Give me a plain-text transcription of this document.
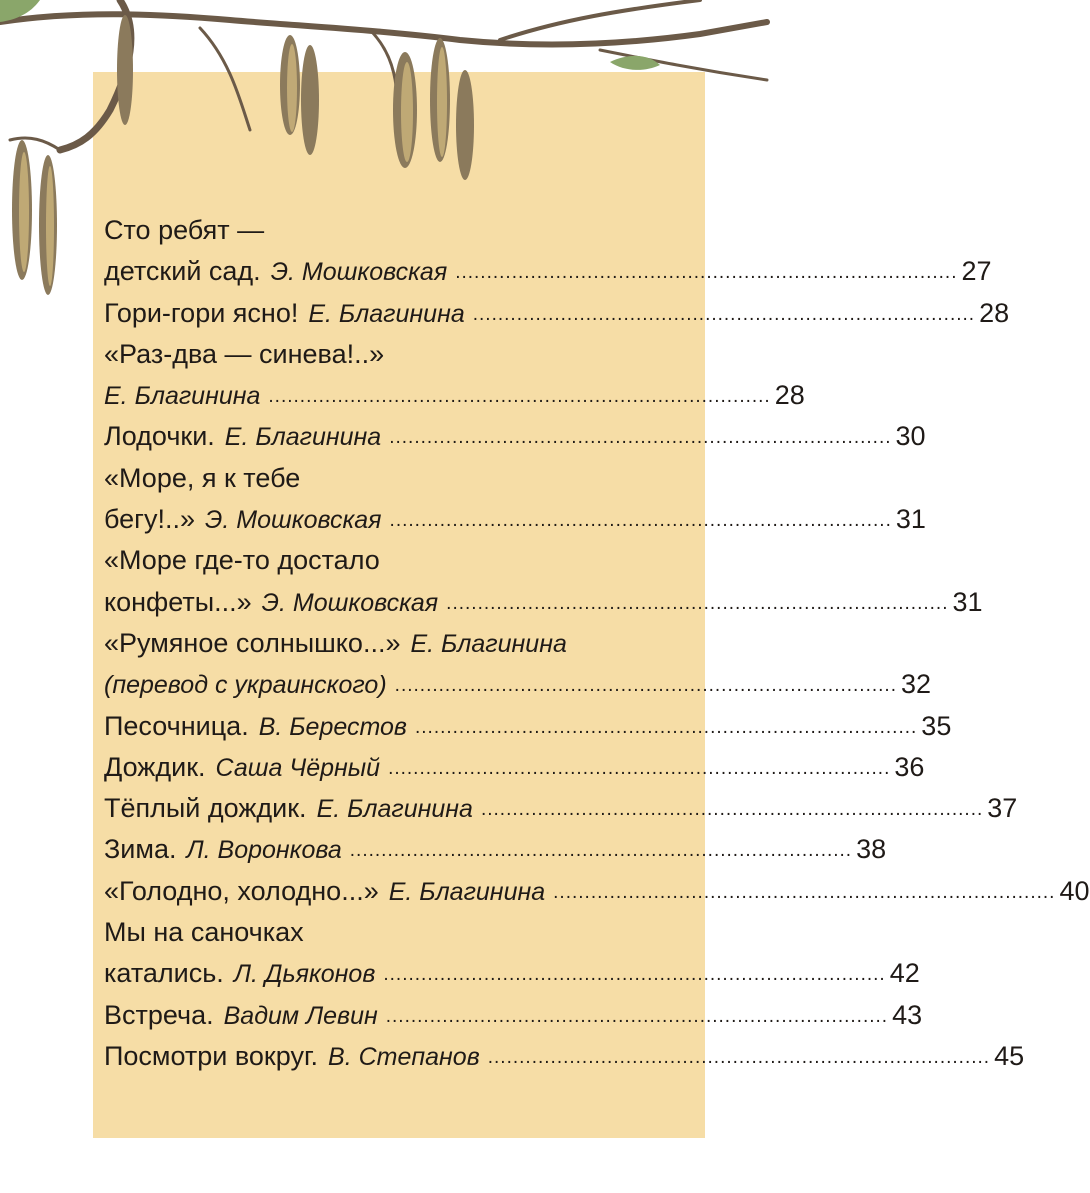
Сто ребят —
детский сад. Э. Мошковская ................................................................................ 27
Гори-гори ясно! Е. Благинина ................................................................................ 28
«Раз-два — синева!..»
Е. Благинина ................................................................................ 28
Лодочки. Е. Благинина ................................................................................ 30
«Море, я к тебе
бегу!..» Э. Мошковская ................................................................................ 31
«Море где-то достало
конфеты...» Э. Мошковская ................................................................................ 31
«Румяное солнышко...» Е. Благинина
(перевод с украинского) ................................................................................ 32
Песочница. В. Берестов ................................................................................ 35
Дождик. Саша Чёрный ................................................................................ 36
Тёплый дождик. Е. Благинина ................................................................................ 37
Зима. Л. Воронкова ................................................................................ 38
«Голодно, холодно...» Е. Благинина ................................................................................ 40
Мы на саночках
катались. Л. Дьяконов ................................................................................ 42
Встреча. Вадим Левин ................................................................................ 43
Посмотри вокруг. В. Степанов ................................................................................ 45
